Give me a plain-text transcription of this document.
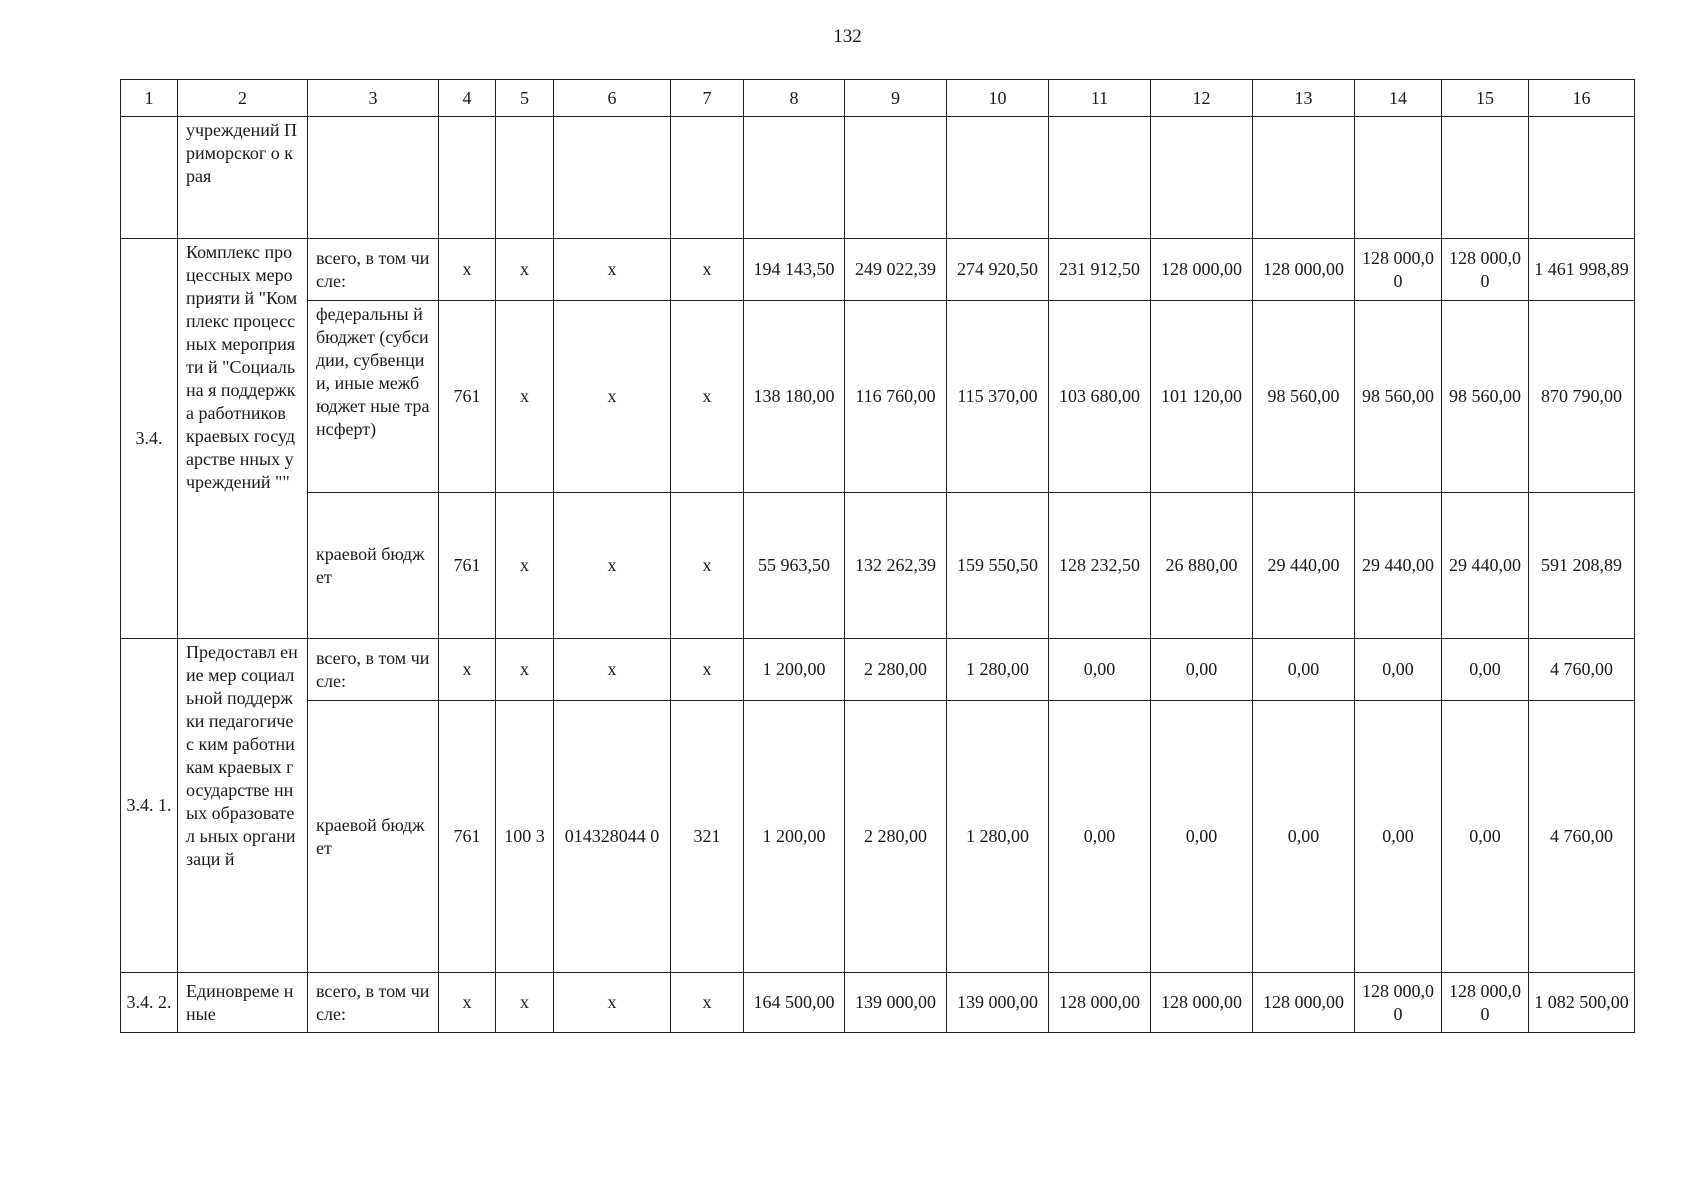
132
1	2	3	4	5	6	7	8	9	10	11	12	13	14	15	16
	учреждений Приморског о края														
3.4.	Комплекс процессных мероприяти й "Комплекс процессных мероприяти й "Социальна я поддержка работников краевых государстве нных учреждений ""	всего, в том числе:	х	х	х	х	194 143,50	249 022,39	274 920,50	231 912,50	128 000,00	128 000,00	128 000,00	128 000,00	1 461 998,89
		федеральны й бюджет (субсидии, субвенции, иные межбюджет ные трансферт)	761	х	х	х	138 180,00	116 760,00	115 370,00	103 680,00	101 120,00	98 560,00	98 560,00	98 560,00	870 790,00
		краевой бюджет	761	х	х	х	55 963,50	132 262,39	159 550,50	128 232,50	26 880,00	29 440,00	29 440,00	29 440,00	591 208,89
3.4. 1.	Предоставл ение мер социальной поддержки педагогичес ким работникам краевых государстве нных образовател ьных организаци й	всего, в том числе:	х	х	х	х	1 200,00	2 280,00	1 280,00	0,00	0,00	0,00	0,00	0,00	4 760,00
		краевой бюджет	761	100 3	014328044 0	321	1 200,00	2 280,00	1 280,00	0,00	0,00	0,00	0,00	0,00	4 760,00
3.4. 2.	Единовреме нные	всего, в том числе:	х	х	х	х	164 500,00	139 000,00	139 000,00	128 000,00	128 000,00	128 000,00	128 000,00	128 000,00	1 082 500,00
